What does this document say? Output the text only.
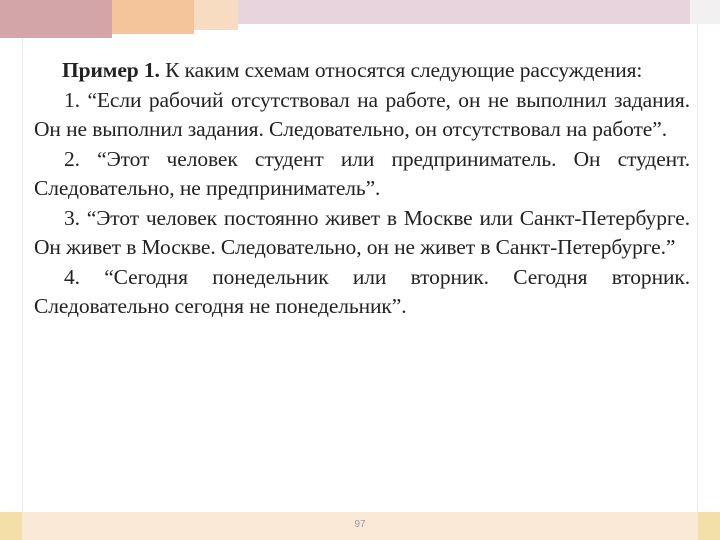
Пример 1. К каким схемам относятся следующие рассуждения:

1. “Если рабочий отсутствовал на работе, он не выполнил задания. Он не выполнил задания. Следовательно, он отсутствовал на работе”.

2. “Этот человек студент или предприниматель. Он студент. Следовательно, не предприниматель”.

3. “Этот человек постоянно живет в Москве или Санкт-Петербурге. Он живет в Москве. Следовательно, он не живет в Санкт-Петербурге.”

4. “Сегодня понедельник или вторник. Сегодня вторник. Следовательно сегодня не понедельник”.

97
